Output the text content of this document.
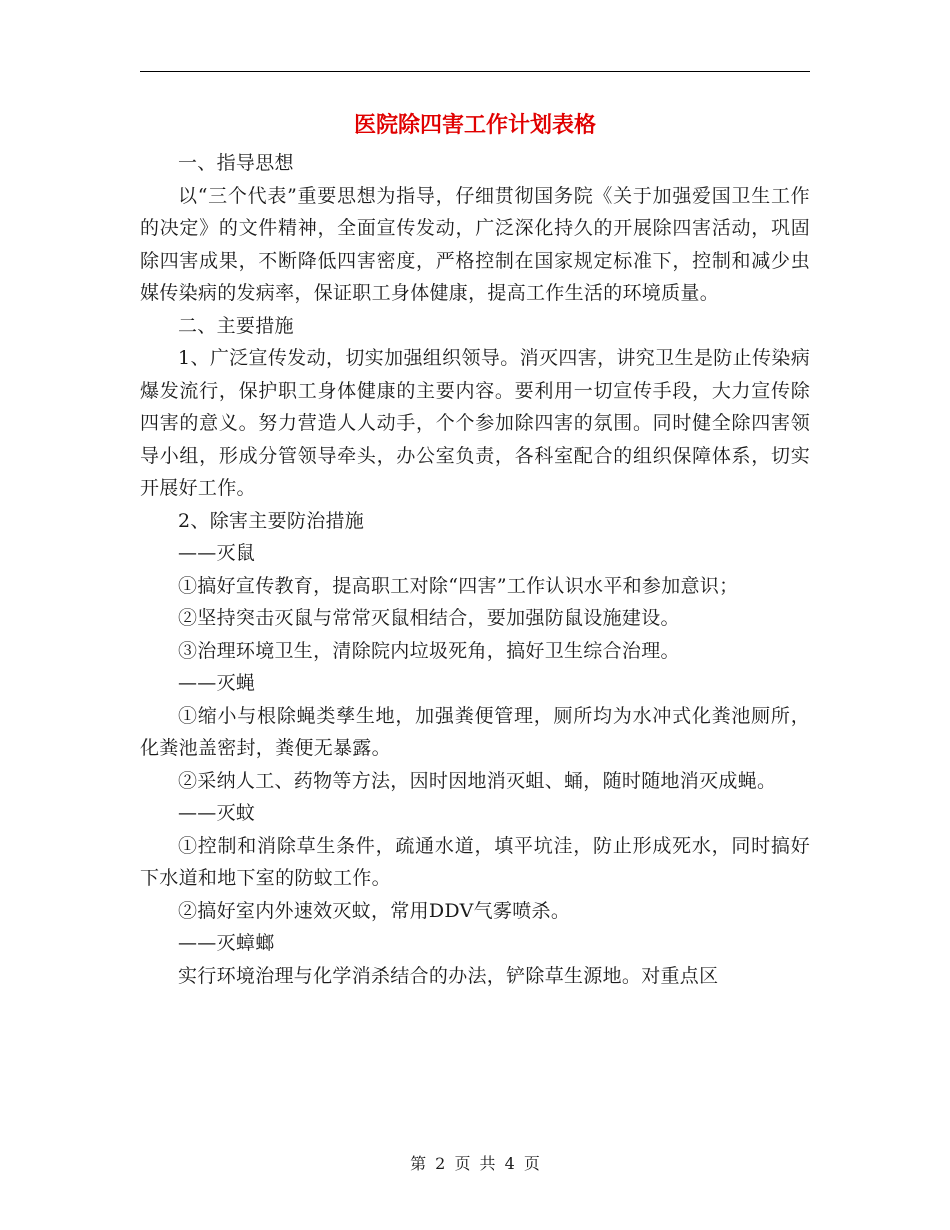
医院除四害工作计划表格

一、指导思想

以“三个代表”重要思想为指导，仔细贯彻国务院《关于加强爱国卫生工作的决定》的文件精神，全面宣传发动，广泛深化持久的开展除四害活动，巩固除四害成果，不断降低四害密度，严格控制在国家规定标准下，控制和减少虫媒传染病的发病率，保证职工身体健康，提高工作生活的环境质量。

二、主要措施

1、广泛宣传发动，切实加强组织领导。消灭四害，讲究卫生是防止传染病爆发流行，保护职工身体健康的主要内容。要利用一切宣传手段，大力宣传除四害的意义。努力营造人人动手，个个参加除四害的氛围。同时健全除四害领导小组，形成分管领导牵头，办公室负责，各科室配合的组织保障体系，切实开展好工作。

2、除害主要防治措施

——灭鼠

①搞好宣传教育，提高职工对除“四害”工作认识水平和参加意识；

②坚持突击灭鼠与常常灭鼠相结合，要加强防鼠设施建设。

③治理环境卫生，清除院内垃圾死角，搞好卫生综合治理。

——灭蝇

①缩小与根除蝇类孳生地，加强粪便管理，厕所均为水冲式化粪池厕所，化粪池盖密封，粪便无暴露。

②采纳人工、药物等方法，因时因地消灭蛆、蛹，随时随地消灭成蝇。

——灭蚊

①控制和消除草生条件，疏通水道，填平坑洼，防止形成死水，同时搞好下水道和地下室的防蚊工作。

②搞好室内外速效灭蚊，常用DDV气雾喷杀。

——灭蟑螂

实行环境治理与化学消杀结合的办法，铲除草生源地。对重点区

第 2 页 共 4 页
